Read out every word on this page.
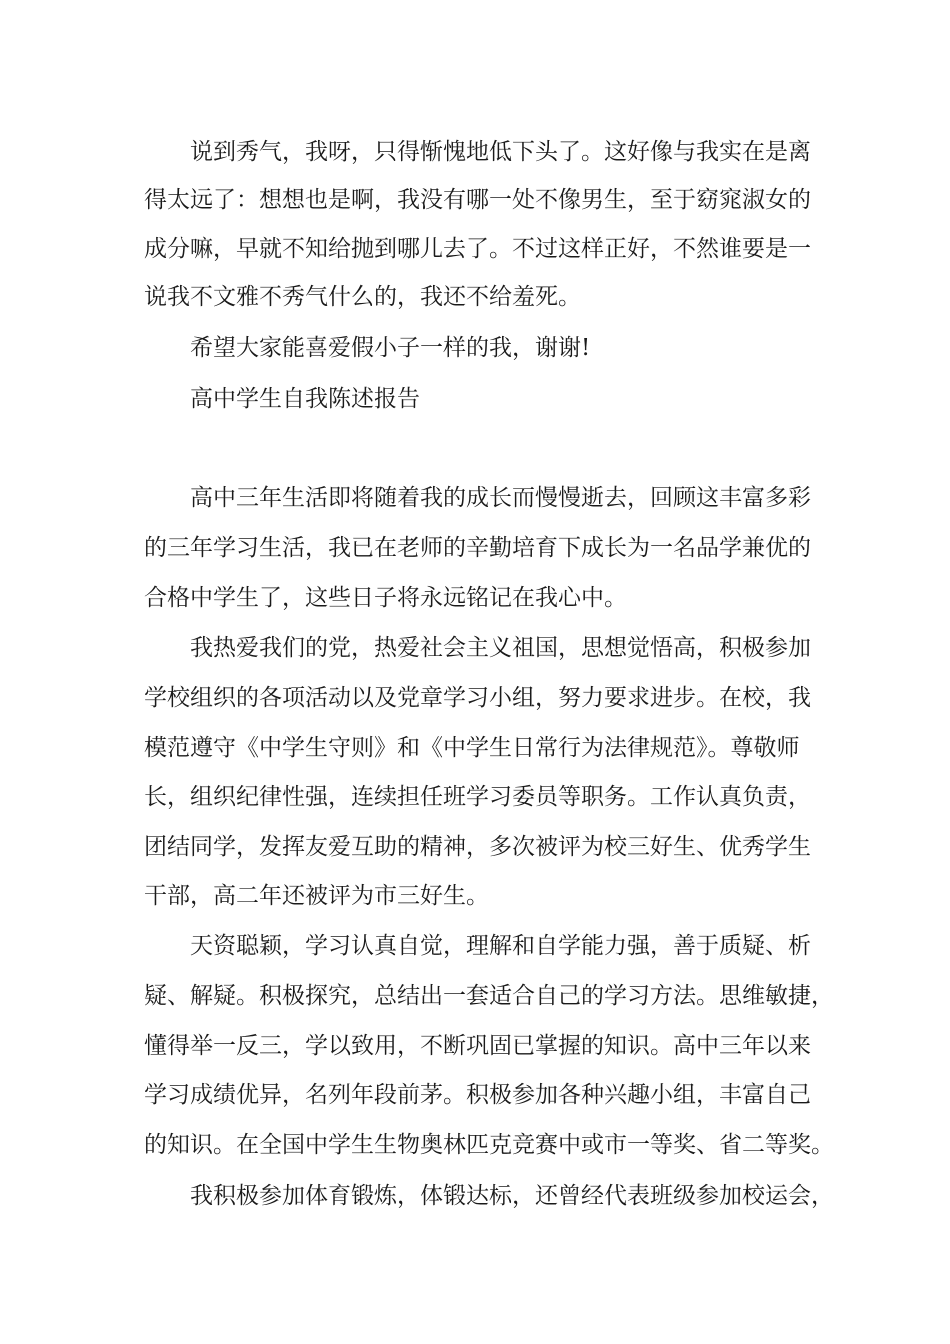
说到秀气，我呀，只得惭愧地低下头了。这好像与我实在是离

得太远了：想想也是啊，我没有哪一处不像男生，至于窈窕淑女的

成分嘛，早就不知给抛到哪儿去了。不过这样正好，不然谁要是一

说我不文雅不秀气什么的，我还不给羞死。

希望大家能喜爱假小子一样的我，谢谢!

高中学生自我陈述报告

高中三年生活即将随着我的成长而慢慢逝去，回顾这丰富多彩

的三年学习生活，我已在老师的辛勤培育下成长为一名品学兼优的

合格中学生了，这些日子将永远铭记在我心中。

我热爱我们的党，热爱社会主义祖国，思想觉悟高，积极参加

学校组织的各项活动以及党章学习小组，努力要求进步。在校，我

模范遵守《中学生守则》和《中学生日常行为法律规范》。尊敬师

长，组织纪律性强，连续担任班学习委员等职务。工作认真负责，

团结同学，发挥友爱互助的精神，多次被评为校三好生、优秀学生

干部，高二年还被评为市三好生。

天资聪颖，学习认真自觉，理解和自学能力强，善于质疑、析

疑、解疑。积极探究，总结出一套适合自己的学习方法。思维敏捷，

懂得举一反三，学以致用，不断巩固已掌握的知识。高中三年以来

学习成绩优异，名列年段前茅。积极参加各种兴趣小组，丰富自己

的知识。在全国中学生生物奥林匹克竞赛中或市一等奖、省二等奖。

我积极参加体育锻炼，体锻达标，还曾经代表班级参加校运会，
